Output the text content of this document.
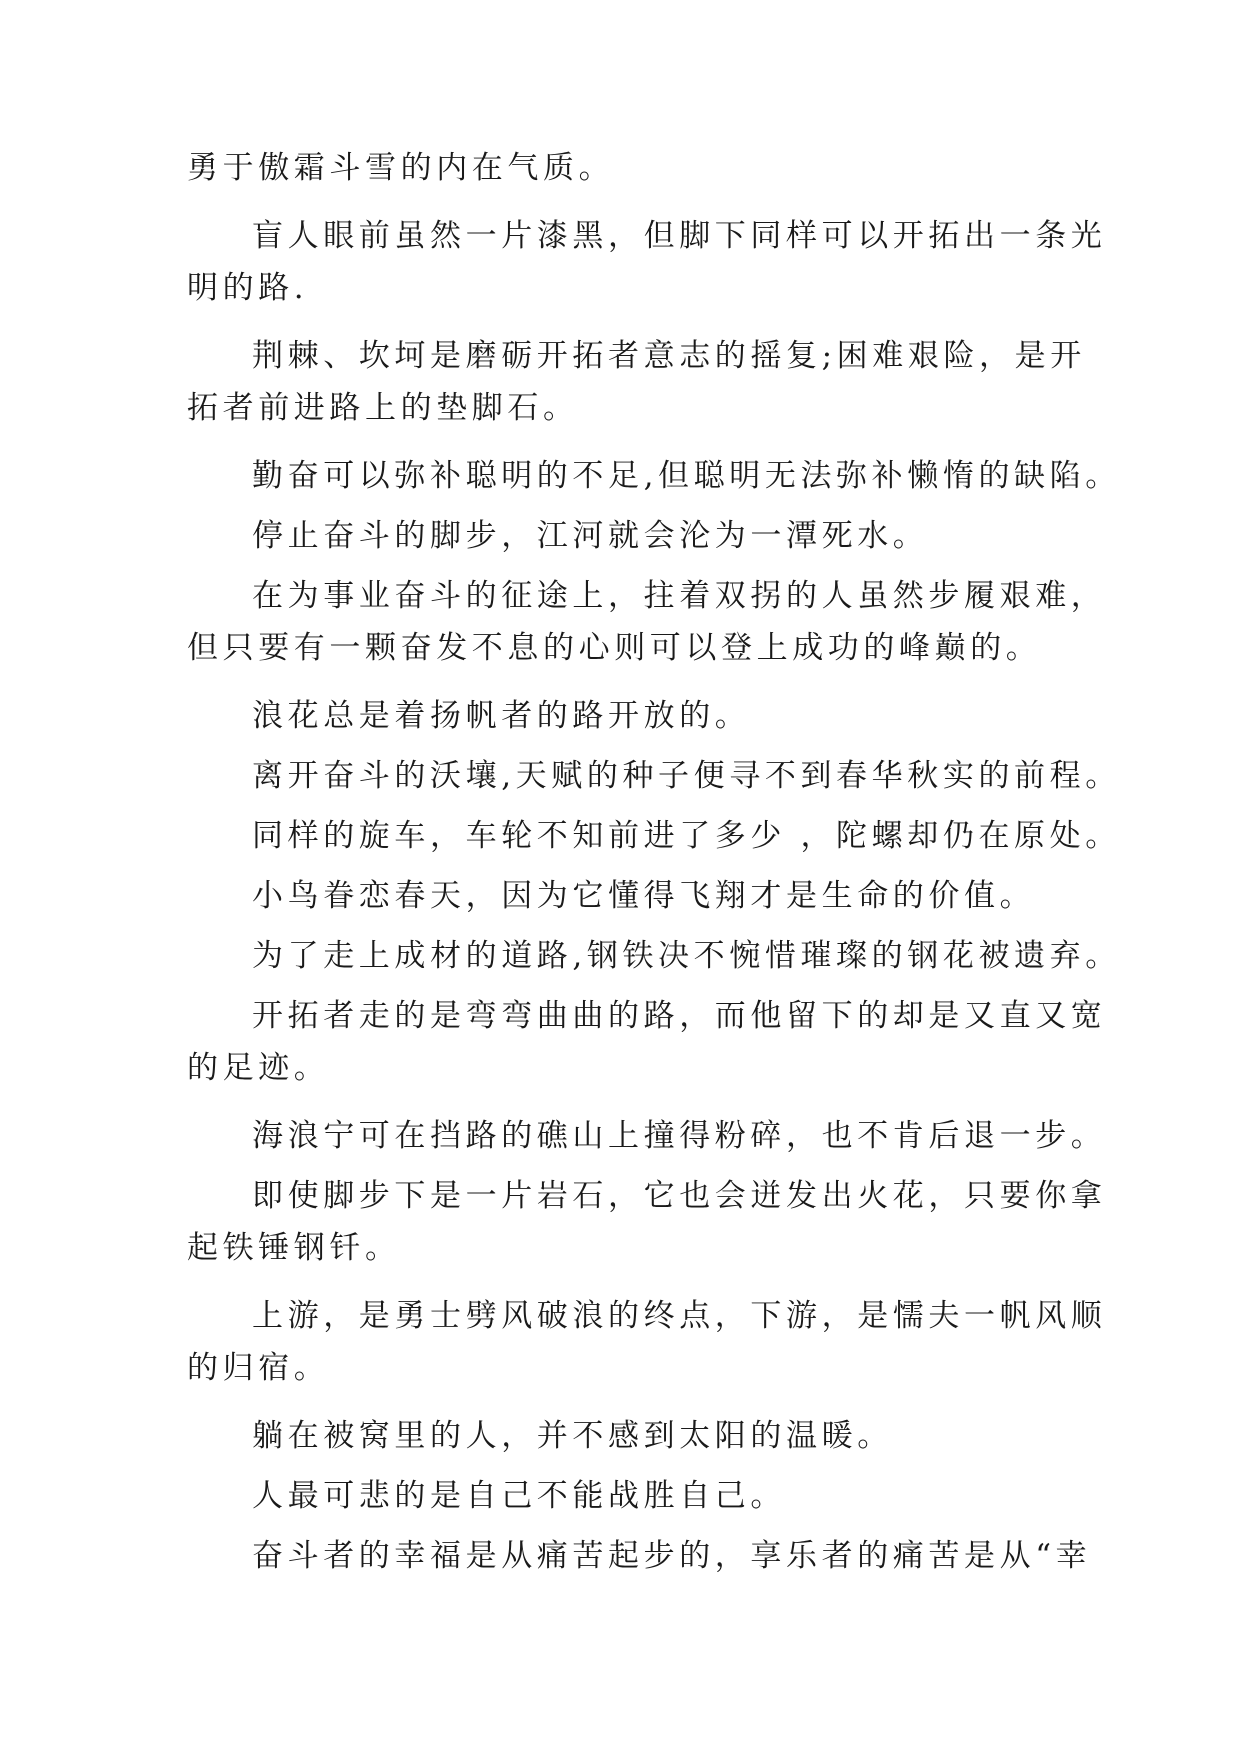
勇于傲霜斗雪的内在气质。
盲人眼前虽然一片漆黑，但脚下同样可以开拓出一条光
明的路.
荆棘、坎坷是磨砺开拓者意志的摇复;困难艰险，是开
拓者前进路上的垫脚石。
勤奋可以弥补聪明的不足,但聪明无法弥补懒惰的缺陷。
停止奋斗的脚步，江河就会沦为一潭死水。
在为事业奋斗的征途上，拄着双拐的人虽然步履艰难，
但只要有一颗奋发不息的心则可以登上成功的峰巅的。
浪花总是着扬帆者的路开放的。
离开奋斗的沃壤,天赋的种子便寻不到春华秋实的前程。
同样的旋车，车轮不知前进了多少 ，陀螺却仍在原处。
小鸟眷恋春天，因为它懂得飞翔才是生命的价值。
为了走上成材的道路,钢铁决不惋惜璀璨的钢花被遗弃。
开拓者走的是弯弯曲曲的路，而他留下的却是又直又宽
的足迹。
海浪宁可在挡路的礁山上撞得粉碎，也不肯后退一步。
即使脚步下是一片岩石，它也会迸发出火花，只要你拿
起铁锤钢钎。
上游，是勇士劈风破浪的终点，下游，是懦夫一帆风顺
的归宿。
躺在被窝里的人，并不感到太阳的温暖。
人最可悲的是自己不能战胜自己。
奋斗者的幸福是从痛苦起步的，享乐者的痛苦是从“幸
